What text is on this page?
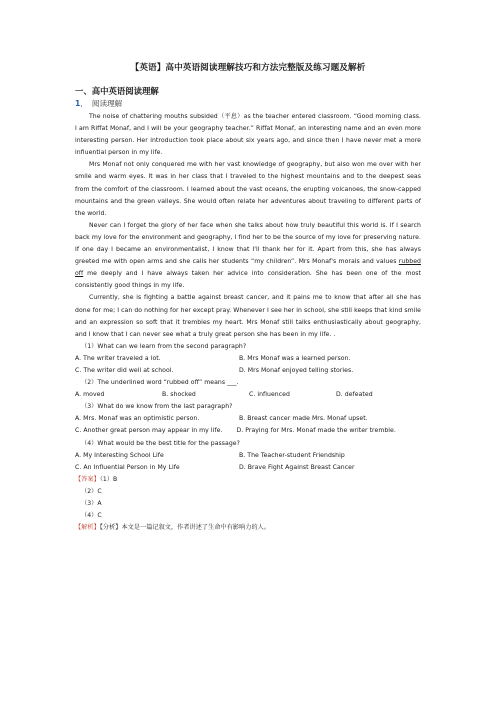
【英语】高中英语阅读理解技巧和方法完整版及练习题及解析
一、高中英语阅读理解
1． 阅读理解

The noise of chattering mouths subsided（平息）as the teacher entered classroom. “Good morning class. I am Riffat Monaf, and I will be your geography teacher.” Riffat Monaf, an interesting name and an even more interesting person. Her introduction took place about six years ago, and since then I have never met a more influential person in my life.

Mrs Monaf not only conquered me with her vast knowledge of geography, but also won me over with her smile and warm eyes. It was in her class that I traveled to the highest mountains and to the deepest seas from the comfort of the classroom. I learned about the vast oceans, the erupting volcanoes, the snow-capped mountains and the green valleys. She would often relate her adventures about traveling to different parts of the world.

Never can I forget the glory of her face when she talks about how truly beautiful this world is. If I search back my love for the environment and geography, I find her to be the source of my love for preserving nature. If one day I became an environmentalist, I know that I'll thank her for it. Apart from this, she has always greeted me with open arms and she calls her students “my children”. Mrs Monaf's morals and values rubbed off me deeply and I have always taken her advice into consideration. She has been one of the most consistently good things in my life.

Currently, she is fighting a battle against breast cancer, and it pains me to know that after all she has done for me; I can do nothing for her except pray. Whenever I see her in school, she still keeps that kind smile and an expression so soft that it trembles my heart. Mrs Monaf still talks enthusiastically about geography, and I know that I can never see what a truly great person she has been in my life. .

（1）What can we learn from the second paragraph?

A. The writer traveled a lot.	B. Mrs Monaf was a learned person.
C. The writer did well at school.	D. Mrs Monaf enjoyed telling stories.

（2）The underlined word “rubbed off” means ___.

A. moved	B. shocked	C. influenced	D. defeated

（3）What do we know from the last paragraph?

A. Mrs. Monaf was an optimistic person.	B. Breast cancer made Mrs. Monaf upset.

C. Another great person may appear in my life. D. Praying for Mrs. Monaf made the writer tremble.

（4）What would be the best title for the passage?

A. My Interesting School Life	B. The Teacher-student Friendship
C. An Influential Person in My Life	D. Brave Fight Against Breast Cancer

【答案】（1）B

（2）C

（3）A

（4）C

【解析】【分析】本文是一篇记叙文，作者讲述了生命中有影响力的人。
